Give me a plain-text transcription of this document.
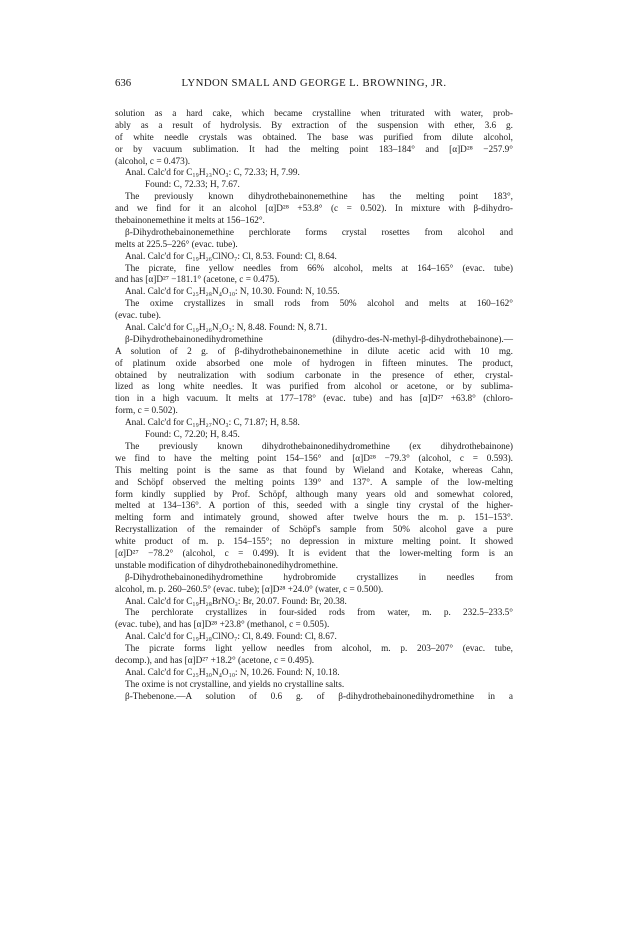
636	LYNDON SMALL AND GEORGE L. BROWNING, JR.
solution as a hard cake, which became crystalline when triturated with water, prob-
ably as a result of hydrolysis. By extraction of the suspension with ether, 3.6 g.
of white needle crystals was obtained. The base was purified from dilute alcohol,
or by vacuum sublimation. It had the melting point 183–184° and [α]D²⁸ −257.9°
(alcohol, c = 0.473).
Anal. Calc'd for C₁₉H₂₃NO₃: C, 72.33; H, 7.99.
Found: C, 72.33; H, 7.67.
The previously known dihydrothebainonemethine has the melting point 183°,
and we find for it an alcohol [α]D²⁸ +53.8° (c = 0.502). In mixture with β-dihydro-
thebainonemethine it melts at 156–162°.
β-Dihydrothebainonemethine perchlorate forms crystal rosettes from alcohol and
melts at 225.5–226° (evac. tube).
Anal. Calc'd for C₁₉H₂₆ClNO₇: Cl, 8.53. Found: Cl, 8.64.
The picrate, fine yellow needles from 66% alcohol, melts at 164–165° (evac. tube)
and has [α]D²⁷ −181.1° (acetone, c = 0.475).
Anal. Calc'd for C₂₅H₂₈N₄O₁₀: N, 10.30. Found: N, 10.55.
The oxime crystallizes in small rods from 50% alcohol and melts at 160–162°
(evac. tube).
Anal. Calc'd for C₁₉H₂₆N₂O₃: N, 8.48. Found: N, 8.71.
β-Dihydrothebainonedihydromethine (dihydro-des-N-methyl-β-dihydrothebainone).—
A solution of 2 g. of β-dihydrothebainonemethine in dilute acetic acid with 10 mg.
of platinum oxide absorbed one mole of hydrogen in fifteen minutes. The product,
obtained by neutralization with sodium carbonate in the presence of ether, crystal-
lized as long white needles. It was purified from alcohol or acetone, or by sublima-
tion in a high vacuum. It melts at 177–178° (evac. tube) and has [α]D²⁷ +63.8° (chloro-
form, c = 0.502).
Anal. Calc'd for C₁₉H₂₇NO₃: C, 71.87; H, 8.58.
Found: C, 72.20; H, 8.45.
The previously known dihydrothebainonedihydromethine (ex dihydrothebainone)
we find to have the melting point 154–156° and [α]D²⁸ −79.3° (alcohol, c = 0.593).
This melting point is the same as that found by Wieland and Kotake, whereas Cahn,
and Schöpf observed the melting points 139° and 137°. A sample of the low-melting
form kindly supplied by Prof. Schöpf, although many years old and somewhat colored,
melted at 134–136°. A portion of this, seeded with a single tiny crystal of the higher-
melting form and intimately ground, showed after twelve hours the m. p. 151–153°.
Recrystallization of the remainder of Schöpf's sample from 50% alcohol gave a pure
white product of m. p. 154–155°; no depression in mixture melting point. It showed
[α]D²⁷ −78.2° (alcohol, c = 0.499). It is evident that the lower-melting form is an
unstable modification of dihydrothebainonedihydromethine.
β-Dihydrothebainonedihydromethine hydrobromide crystallizes in needles from
alcohol, m. p. 260–260.5° (evac. tube); [α]D²⁸ +24.0° (water, c = 0.500).
Anal. Calc'd for C₁₉H₂₈BrNO₃: Br, 20.07. Found: Br, 20.38.
The perchlorate crystallizes in four-sided rods from water, m. p. 232.5–233.5°
(evac. tube), and has [α]D²⁸ +23.8° (methanol, c = 0.505).
Anal. Calc'd for C₁₉H₂₈ClNO₇: Cl, 8.49. Found: Cl, 8.67.
The picrate forms light yellow needles from alcohol, m. p. 203–207° (evac. tube,
decomp.), and has [α]D²⁷ +18.2° (acetone, c = 0.495).
Anal. Calc'd for C₂₅H₃₀N₄O₁₀: N, 10.26. Found: N, 10.18.
The oxime is not crystalline, and yields no crystalline salts.
β-Thebenone.—A solution of 0.6 g. of β-dihydrothebainonedihydromethine in a
